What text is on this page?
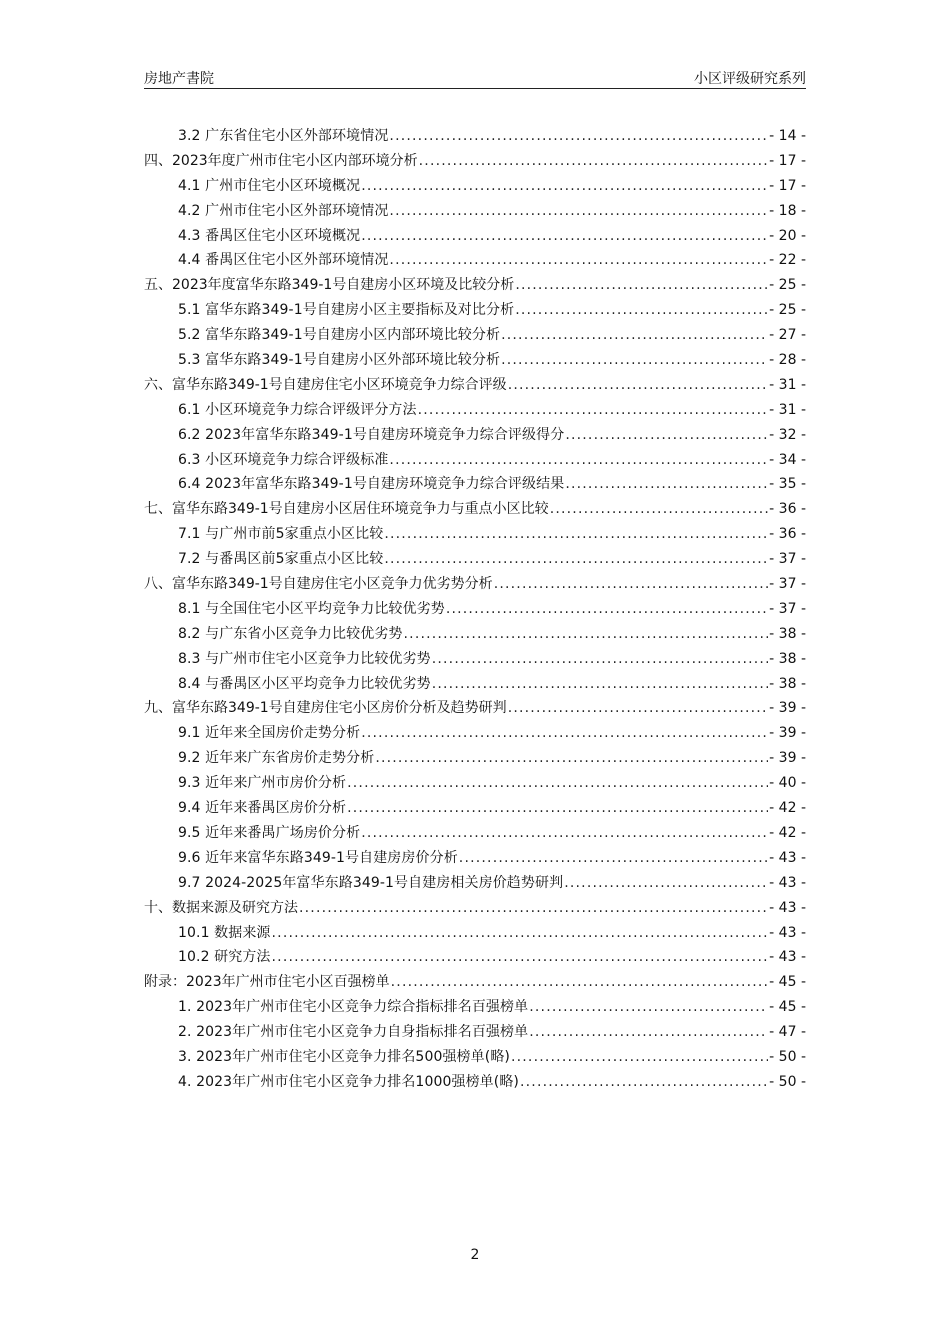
房地产書院	小区评级研究系列
3.2 广东省住宅小区外部环境情况 .....	- 14 -
四、2023年度广州市住宅小区内部环境分析 .....	- 17 -
4.1 广州市住宅小区环境概况 .....	- 17 -
4.2 广州市住宅小区外部环境情况 .....	- 18 -
4.3 番禺区住宅小区环境概况 .....	- 20 -
4.4 番禺区住宅小区外部环境情况 .....	- 22 -
五、2023年度富华东路349-1号自建房小区环境及比较分析 .....	- 25 -
5.1 富华东路349-1号自建房小区主要指标及对比分析 .....	- 25 -
5.2 富华东路349-1号自建房小区内部环境比较分析 .....	- 27 -
5.3 富华东路349-1号自建房小区外部环境比较分析 .....	- 28 -
六、富华东路349-1号自建房住宅小区环境竞争力综合评级 .....	- 31 -
6.1 小区环境竞争力综合评级评分方法 .....	- 31 -
6.2 2023年富华东路349-1号自建房环境竞争力综合评级得分 .....	- 32 -
6.3 小区环境竞争力综合评级标准 .....	- 34 -
6.4 2023年富华东路349-1号自建房环境竞争力综合评级结果 .....	- 35 -
七、富华东路349-1号自建房小区居住环境竞争力与重点小区比较 .....	- 36 -
7.1 与广州市前5家重点小区比较 .....	- 36 -
7.2 与番禺区前5家重点小区比较 .....	- 37 -
八、富华东路349-1号自建房住宅小区竞争力优劣势分析 .....	- 37 -
8.1 与全国住宅小区平均竞争力比较优劣势 .....	- 37 -
8.2 与广东省小区竞争力比较优劣势 .....	- 38 -
8.3 与广州市住宅小区竞争力比较优劣势 .....	- 38 -
8.4 与番禺区小区平均竞争力比较优劣势 .....	- 38 -
九、富华东路349-1号自建房住宅小区房价分析及趋势研判 .....	- 39 -
9.1 近年来全国房价走势分析 .....	- 39 -
9.2 近年来广东省房价走势分析 .....	- 39 -
9.3 近年来广州市房价分析 .....	- 40 -
9.4 近年来番禺区房价分析 .....	- 42 -
9.5 近年来番禺广场房价分析 .....	- 42 -
9.6 近年来富华东路349-1号自建房房价分析 .....	- 43 -
9.7 2024-2025年富华东路349-1号自建房相关房价趋势研判 .....	- 43 -
十、数据来源及研究方法 .....	- 43 -
10.1 数据来源 .....	- 43 -
10.2 研究方法 .....	- 43 -
附录：2023年广州市住宅小区百强榜单 .....	- 45 -
1. 2023年广州市住宅小区竞争力综合指标排名百强榜单 .....	- 45 -
2. 2023年广州市住宅小区竞争力自身指标排名百强榜单 .....	- 47 -
3. 2023年广州市住宅小区竞争力排名500强榜单(略) .....	- 50 -
4. 2023年广州市住宅小区竞争力排名1000强榜单(略) .....	- 50 -
2
